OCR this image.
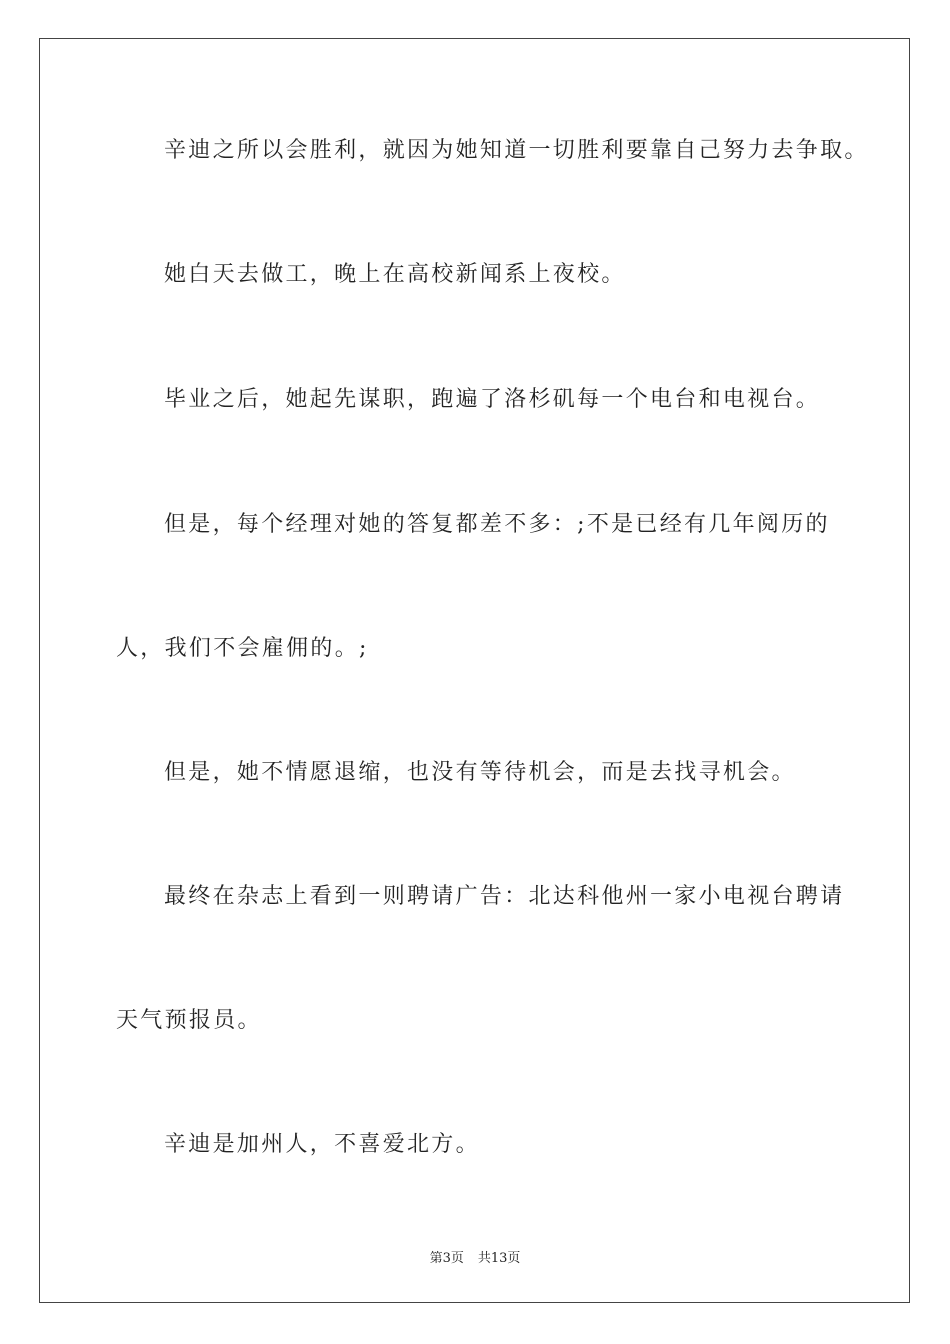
辛迪之所以会胜利，就因为她知道一切胜利要靠自己努力去争取。
她白天去做工，晚上在高校新闻系上夜校。
毕业之后，她起先谋职，跑遍了洛杉矶每一个电台和电视台。
但是，每个经理对她的答复都差不多：;不是已经有几年阅历的
人，我们不会雇佣的。;
但是，她不情愿退缩，也没有等待机会，而是去找寻机会。
最终在杂志上看到一则聘请广告：北达科他州一家小电视台聘请
天气预报员。
辛迪是加州人，不喜爱北方。
第3页 共13页
